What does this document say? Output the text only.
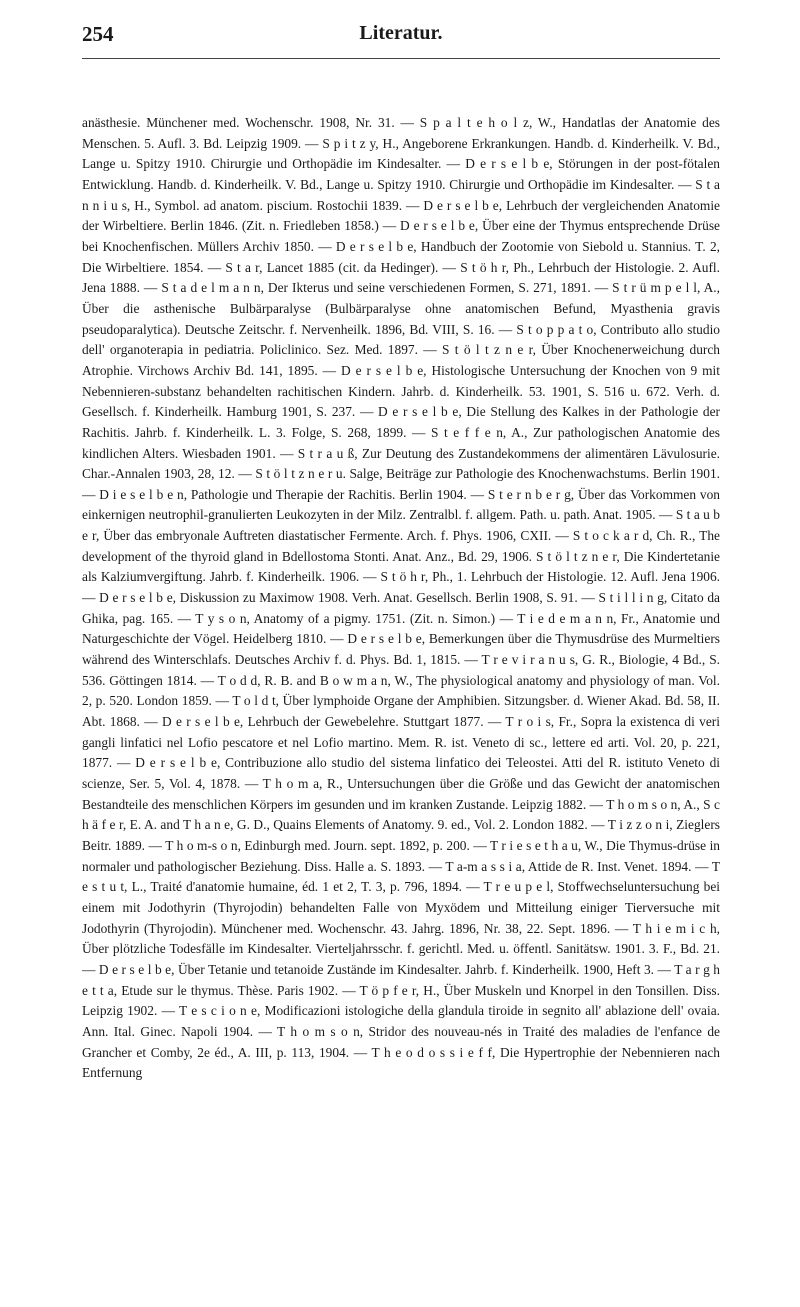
254	Literatur.

anästhesie. Münchener med. Wochenschr. 1908, Nr. 31. — S p a l t e h o l z, W., Handatlas der Anatomie des Menschen. 5. Aufl. 3. Bd. Leipzig 1909. — S p i t z y, H., Angeborene Erkrankungen. Handb. d. Kinderheilk. V. Bd., Lange u. Spitzy 1910. Chirurgie und Orthopädie im Kindesalter. — D e r s e l b e, Störungen in der post-fötalen Entwicklung. Handb. d. Kinderheilk. V. Bd., Lange u. Spitzy 1910. Chirurgie und Orthopädie im Kindesalter. — S t a n n i u s, H., Symbol. ad anatom. piscium. Rostochii 1839. — D e r s e l b e, Lehrbuch der vergleichenden Anatomie der Wirbeltiere. Berlin 1846. (Zit. n. Friedleben 1858.) — D e r s e l b e, Über eine der Thymus entsprechende Drüse bei Knochenfischen. Müllers Archiv 1850. — D e r s e l b e, Handbuch der Zootomie von Siebold u. Stannius. T. 2, Die Wirbeltiere. 1854. — S t a r, Lancet 1885 (cit. da Hedinger). — S t ö h r, Ph., Lehrbuch der Histologie. 2. Aufl. Jena 1888. — S t a d e l m a n n, Der Ikterus und seine verschiedenen Formen, S. 271, 1891. — S t r ü m p e l l, A., Über die asthenische Bulbärparalyse (Bulbärparalyse ohne anatomischen Befund, Myasthenia gravis pseudoparalytica). Deutsche Zeitschr. f. Nervenheilk. 1896, Bd. VIII, S. 16. — S t o p p a t o, Contributo allo studio dell' organoterapia in pediatria. Policlinico. Sez. Med. 1897. — S t ö l t z n e r, Über Knochenerweichung durch Atrophie. Virchows Archiv Bd. 141, 1895. — D e r s e l b e, Histologische Untersuchung der Knochen von 9 mit Nebennieren-substanz behandelten rachitischen Kindern. Jahrb. d. Kinderheilk. 53. 1901, S. 516 u. 672. Verh. d. Gesellsch. f. Kinderheilk. Hamburg 1901, S. 237. — D e r s e l b e, Die Stellung des Kalkes in der Pathologie der Rachitis. Jahrb. f. Kinderheilk. L. 3. Folge, S. 268, 1899. — S t e f f e n, A., Zur pathologischen Anatomie des kindlichen Alters. Wiesbaden 1901. — S t r a u ß, Zur Deutung des Zustandekommens der alimentären Lävulosurie. Char.-Annalen 1903, 28, 12. — S t ö l t z n e r u. Salge, Beiträge zur Pathologie des Knochenwachstums. Berlin 1901. — D i e s e l b e n, Pathologie und Therapie der Rachitis. Berlin 1904. — S t e r n b e r g, Über das Vorkommen von einkernigen neutrophil-granulierten Leukozyten in der Milz. Zentralbl. f. allgem. Path. u. path. Anat. 1905. — S t a u b e r, Über das embryonale Auftreten diastatischer Fermente. Arch. f. Phys. 1906, CXII. — S t o c k a r d, Ch. R., The development of the thyroid gland in Bdellostoma Stonti. Anat. Anz., Bd. 29, 1906. S t ö l t z n e r, Die Kindertetanie als Kalziumvergiftung. Jahrb. f. Kinderheilk. 1906. — S t ö h r, Ph., 1. Lehrbuch der Histologie. 12. Aufl. Jena 1906. — D e r s e l b e, Diskussion zu Maximow 1908. Verh. Anat. Gesellsch. Berlin 1908, S. 91. — S t i l l i n g, Citato da Ghika, pag. 165. — T y s o n, Anatomy of a pigmy. 1751. (Zit. n. Simon.) — T i e d e m a n n, Fr., Anatomie und Naturgeschichte der Vögel. Heidelberg 1810. — D e r s e l b e, Bemerkungen über die Thymusdrüse des Murmeltiers während des Winterschlafs. Deutsches Archiv f. d. Phys. Bd. 1, 1815. — T r e v i r a n u s, G. R., Biologie, 4 Bd., S. 536. Göttingen 1814. — T o d d, R. B. and B o w m a n, W., The physiological anatomy and physiology of man. Vol. 2, p. 520. London 1859. — T o l d t, Über lymphoide Organe der Amphibien. Sitzungsber. d. Wiener Akad. Bd. 58, II. Abt. 1868. — D e r s e l b e, Lehrbuch der Gewebelehre. Stuttgart 1877. — T r o i s, Fr., Sopra la existenca di veri gangli linfatici nel Lofio pescatore et nel Lofio martino. Mem. R. ist. Veneto di sc., lettere ed arti. Vol. 20, p. 221, 1877. — D e r s e l b e, Contribuzione allo studio del sistema linfatico dei Teleostei. Atti del R. istituto Veneto di scienze, Ser. 5, Vol. 4, 1878. — T h o m a, R., Untersuchungen über die Größe und das Gewicht der anatomischen Bestandteile des menschlichen Körpers im gesunden und im kranken Zustande. Leipzig 1882. — T h o m s o n, A., S c h ä f e r, E. A. and T h a n e, G. D., Quains Elements of Anatomy. 9. ed., Vol. 2. London 1882. — T i z z o n i, Zieglers Beitr. 1889. — T h o m-s o n, Edinburgh med. Journ. sept. 1892, p. 200. — T r i e s e t h a u, W., Die Thymus-drüse in normaler und pathologischer Beziehung. Diss. Halle a. S. 1893. — T a-m a s s i a, Attide de R. Inst. Venet. 1894. — T e s t u t, L., Traité d'anatomie humaine, éd. 1 et 2, T. 3, p. 796, 1894. — T r e u p e l, Stoffwechseluntersuchung bei einem mit Jodothyrin (Thyrojodin) behandelten Falle von Myxödem und Mitteilung einiger Tierversuche mit Jodothyrin (Thyrojodin). Münchener med. Wochenschr. 43. Jahrg. 1896, Nr. 38, 22. Sept. 1896. — T h i e m i c h, Über plötzliche Todesfälle im Kindesalter. Vierteljahrsschr. f. gerichtl. Med. u. öffentl. Sanitätsw. 1901. 3. F., Bd. 21. — D e r s e l b e, Über Tetanie und tetanoide Zustände im Kindesalter. Jahrb. f. Kinderheilk. 1900, Heft 3. — T a r g h e t t a, Etude sur le thymus. Thèse. Paris 1902. — T ö p f e r, H., Über Muskeln und Knorpel in den Tonsillen. Diss. Leipzig 1902. — T e s c i o n e, Modificazioni istologiche della glandula tiroide in segnito all' ablazione dell' ovaia. Ann. Ital. Ginec. Napoli 1904. — T h o m s o n, Stridor des nouveau-nés in Traité des maladies de l'enfance de Grancher et Comby, 2e éd., A. III, p. 113, 1904. — T h e o d o s s i e f f, Die Hypertrophie der Nebennieren nach Entfernung
